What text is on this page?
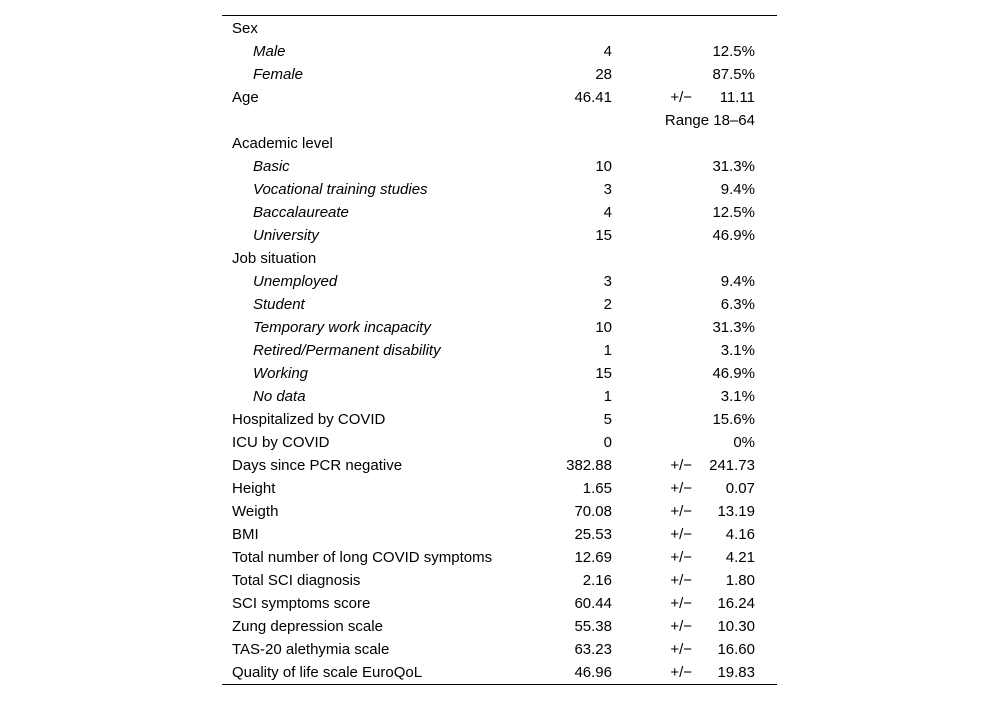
Sex			
Male	4		12.5%
Female	28		87.5%
Age	46.41	+/−	11.11
		Range 18–64	
Academic level			
Basic	10		31.3%
Vocational training studies	3		9.4%
Baccalaureate	4		12.5%
University	15		46.9%
Job situation			
Unemployed	3		9.4%
Student	2		6.3%
Temporary work incapacity	10		31.3%
Retired/Permanent disability	1		3.1%
Working	15		46.9%
No data	1		3.1%
Hospitalized by COVID	5		15.6%
ICU by COVID	0		0%
Days since PCR negative	382.88	+/−	241.73
Height	1.65	+/−	0.07
Weigth	70.08	+/−	13.19
BMI	25.53	+/−	4.16
Total number of long COVID symptoms	12.69	+/−	4.21
Total SCI diagnosis	2.16	+/−	1.80
SCI symptoms score	60.44	+/−	16.24
Zung depression scale	55.38	+/−	10.30
TAS-20 alethymia scale	63.23	+/−	16.60
Quality of life scale EuroQoL	46.96	+/−	19.83
